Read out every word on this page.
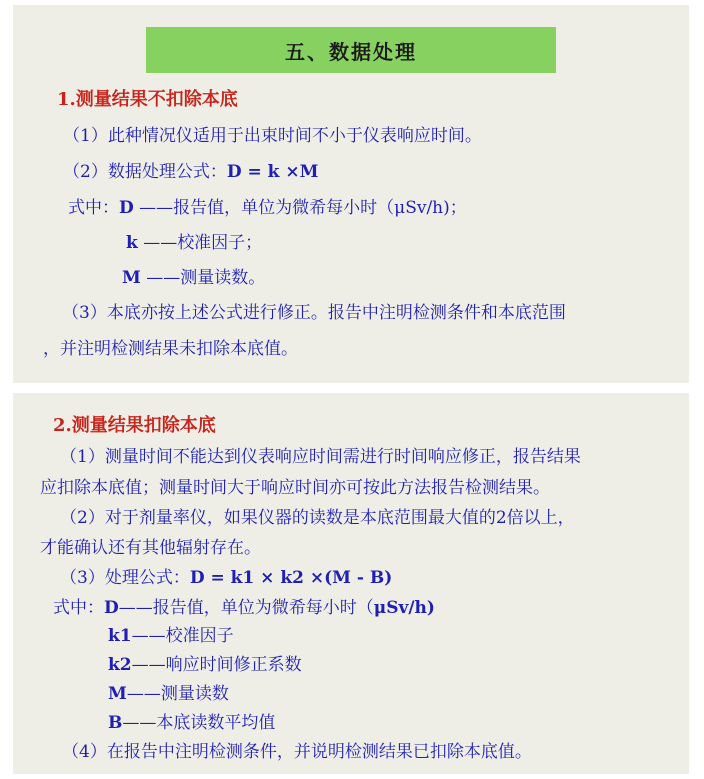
五、数据处理
1.测量结果不扣除本底
（1）此种情况仪适用于出束时间不小于仪表响应时间。
（2）数据处理公式：D = k ×M
式中：D ——报告值，单位为微希每小时（μSv/h)；
k ——校准因子；
M ——测量读数。
（3）本底亦按上述公式进行修正。报告中注明检测条件和本底范围
，并注明检测结果未扣除本底值。
2.测量结果扣除本底
（1）测量时间不能达到仪表响应时间需进行时间响应修正，报告结果
应扣除本底值；测量时间大于响应时间亦可按此方法报告检测结果。
（2）对于剂量率仪，如果仪器的读数是本底范围最大值的2倍以上，
才能确认还有其他辐射存在。
（3）处理公式：D = k1 × k2 ×(M - B)
式中：D——报告值，单位为微希每小时（μSv/h)
k1——校准因子
k2——响应时间修正系数
M——测量读数
B——本底读数平均值
（4）在报告中注明检测条件，并说明检测结果已扣除本底值。
